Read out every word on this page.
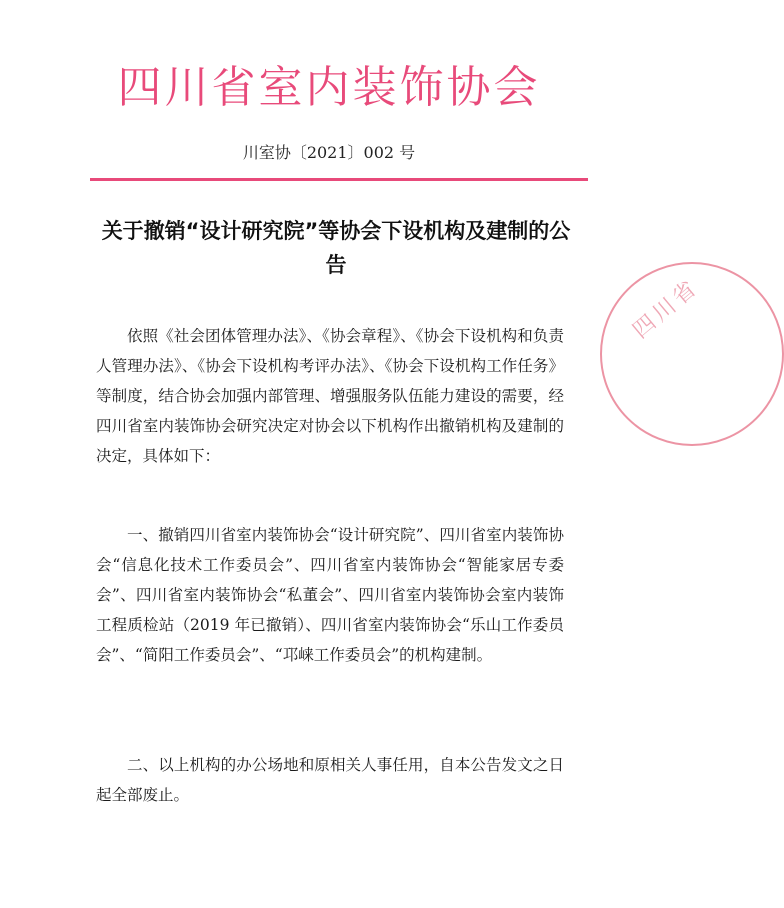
四川省室内装饰协会
川室协〔2021〕002 号
关于撤销“设计研究院”等协会下设机构及建制的公告

依照《社会团体管理办法》、《协会章程》、《协会下设机构和负责人管理办法》、《协会下设机构考评办法》、《协会下设机构工作任务》等制度，结合协会加强内部管理、增强服务队伍能力建设的需要，经四川省室内装饰协会研究决定对协会以下机构作出撤销机构及建制的决定，具体如下：

一、撤销四川省室内装饰协会“设计研究院”、四川省室内装饰协会“信息化技术工作委员会”、四川省室内装饰协会“智能家居专委会”、四川省室内装饰协会“私董会”、四川省室内装饰协会室内装饰工程质检站（2019 年已撤销）、四川省室内装饰协会“乐山工作委员会”、“简阳工作委员会”、“邛崃工作委员会”的机构建制。

二、以上机构的办公场地和原相关人事任用，自本公告发文之日起全部废止。

四川省
